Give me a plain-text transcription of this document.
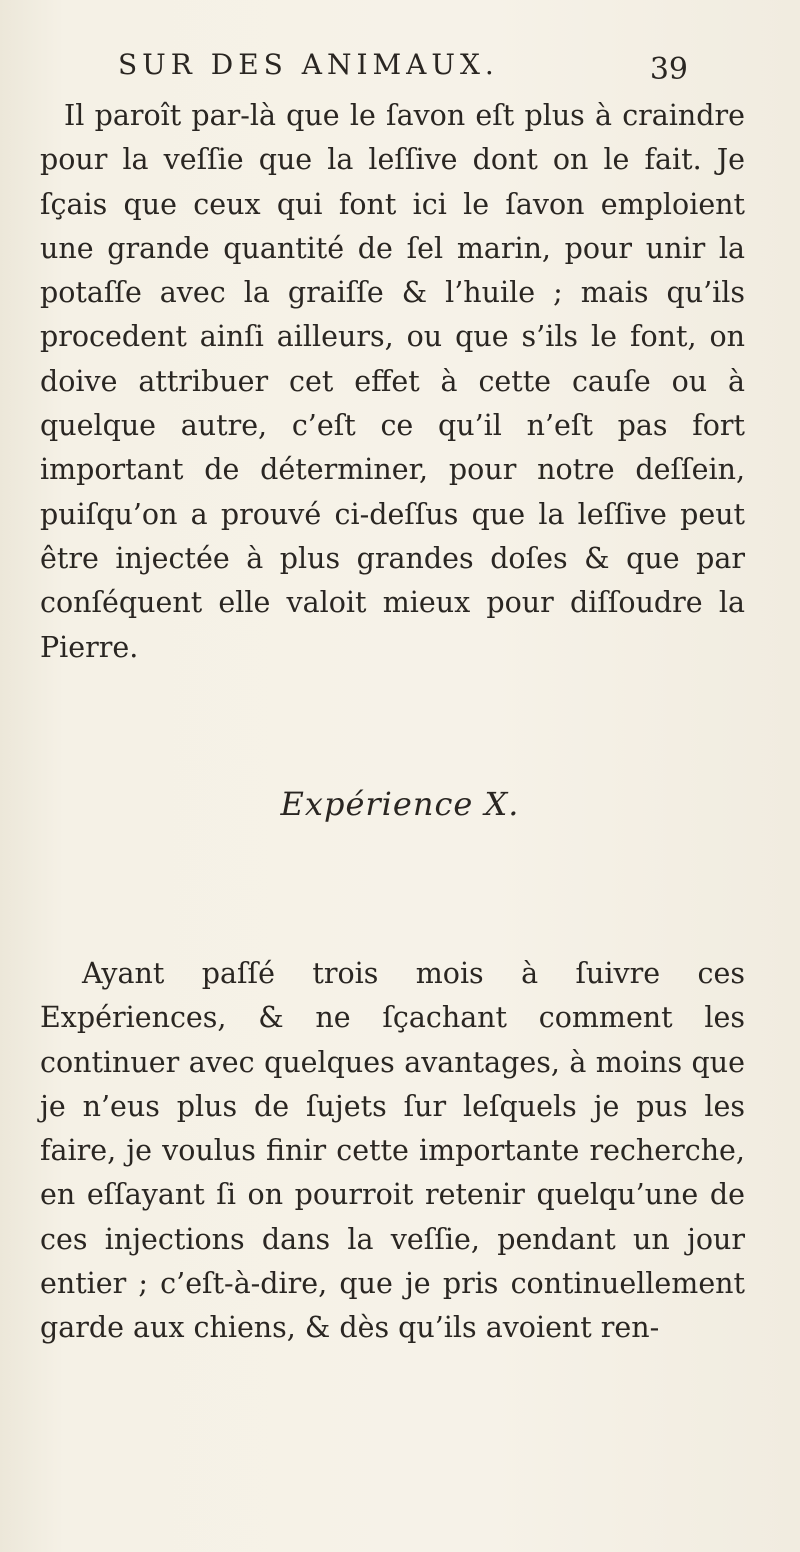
SUR DES ANIMAUX.	39

Il paroît par-là que le ſavon eſt plus à craindre pour la veſſie que la leſſive dont on le fait. Je ſçais que ceux qui font ici le ſavon emploient une grande quantité de ſel marin, pour unir la potaſſe avec la graiſſe & l’huile ; mais qu’ils procedent ainſi ailleurs, ou que s’ils le font, on doive attribuer cet effet à cette cauſe ou à quelque autre, c’eſt ce qu’il n’eſt pas fort important de déterminer, pour notre deſſein, puiſqu’on a prouvé ci-deſſus que la leſſive peut être injectée à plus grandes doſes & que par conſéquent elle valoit mieux pour diſſoudre la Pierre.

Expérience X.

Ayant paſſé trois mois à ſuivre ces Expériences, & ne ſçachant comment les continuer avec quelques avantages, à moins que je n’eus plus de ſujets ſur leſquels je pus les faire, je voulus finir cette importante recherche, en eſſayant ſi on pourroit retenir quelqu’une de ces injections dans la veſſie, pendant un jour entier ; c’eſt-à-dire, que je pris continuellement garde aux chiens, & dès qu’ils avoient ren-
